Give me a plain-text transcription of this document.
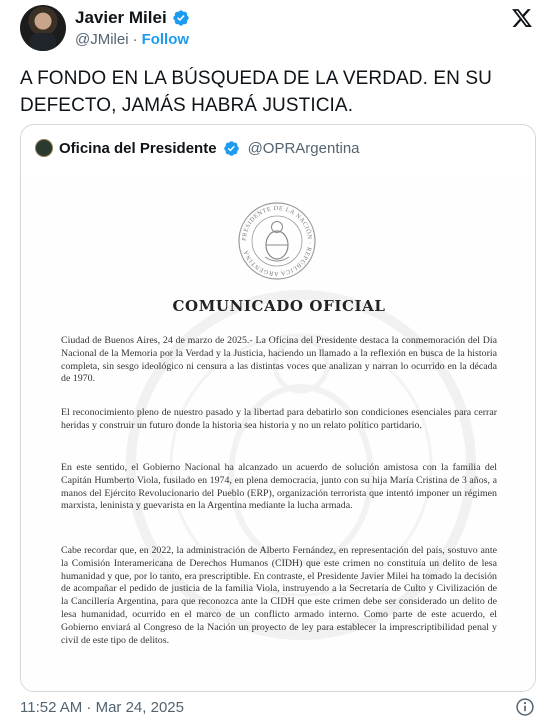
Javier Milei
@JMilei · Follow
A FONDO EN LA BÚSQUEDA DE LA VERDAD. EN SU DEFECTO, JAMÁS HABRÁ JUSTICIA.
Oficina del Presidente @OPRArgentina
PRESIDENTE DE LA NACIÓN · REPÚBLICA ARGENTINA
COMUNICADO OFICIAL

Ciudad de Buenos Aires, 24 de marzo de 2025.- La Oficina del Presidente destaca la conmemoración del Día Nacional de la Memoria por la Verdad y la Justicia, haciendo un llamado a la reflexión en busca de la historia completa, sin sesgo ideológico ni censura a las distintas voces que analizan y narran lo ocurrido en la década de 1970.

El reconocimiento pleno de nuestro pasado y la libertad para debatirlo son condiciones esenciales para cerrar heridas y construir un futuro donde la historia sea historia y no un relato político partidario.

En este sentido, el Gobierno Nacional ha alcanzado un acuerdo de solución amistosa con la familia del Capitán Humberto Viola, fusilado en 1974, en plena democracia, junto con su hija María Cristina de 3 años, a manos del Ejército Revolucionario del Pueblo (ERP), organización terrorista que intentó imponer un régimen marxista, leninista y guevarista en la Argentina mediante la lucha armada.

Cabe recordar que, en 2022, la administración de Alberto Fernández, en representación del país, sostuvo ante la Comisión Interamericana de Derechos Humanos (CIDH) que este crimen no constituía un delito de lesa humanidad y que, por lo tanto, era prescriptible. En contraste, el Presidente Javier Milei ha tomado la decisión de acompañar el pedido de justicia de la familia Viola, instruyendo a la Secretaría de Culto y Civilización de la Cancillería Argentina, para que reconozca ante la CIDH que este crimen debe ser considerado un delito de lesa humanidad, ocurrido en el marco de un conflicto armado interno. Como parte de este acuerdo, el Gobierno enviará al Congreso de la Nación un proyecto de ley para establecer la imprescriptibilidad penal y civil de este tipo de delitos.

11:52 AM · Mar 24, 2025
